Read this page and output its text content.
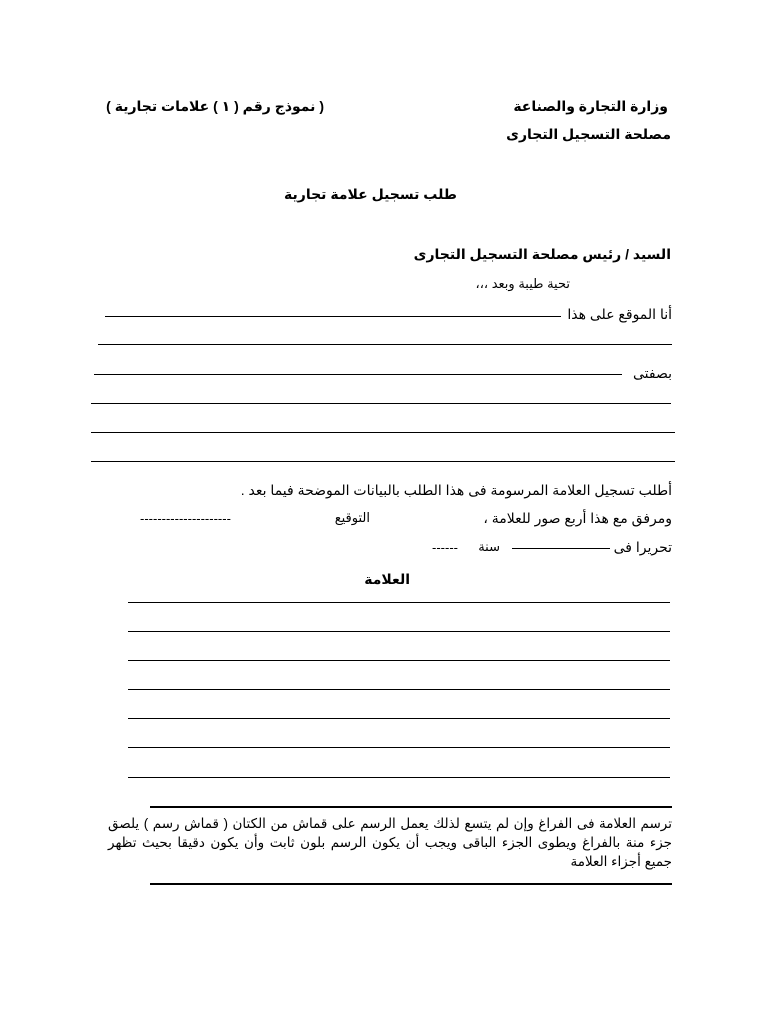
وزارة التجارة والصناعة
مصلحة التسجيل التجارى
( نموذج رقم ( ١ ) علامات تجارية )
طلب تسجيل علامة تجارية
السيد / رئيس مصلحة التسجيل التجارى
تحية طيبة وبعد ،،،
أنا الموقع على هذا
بصفتى
أطلب تسجيل العلامة المرسومة فى هذا الطلب بالبيانات الموضحة فيما بعد .
ومرفق مع هذا أربع صور للعلامة ،
التوقيع
---------------------
تحريرا فى
سنة
------
العلامة
ترسم العلامة فى الفراغ وإن لم يتسع لذلك يعمل الرسم على قماش من الكتان ( قماش رسم ) يلصق جزء منة بالفراغ ويطوى الجزء الباقى ويجب أن يكون الرسم بلون ثابت وأن يكون دقيقا بحيث تظهر جميع أجزاء العلامة
